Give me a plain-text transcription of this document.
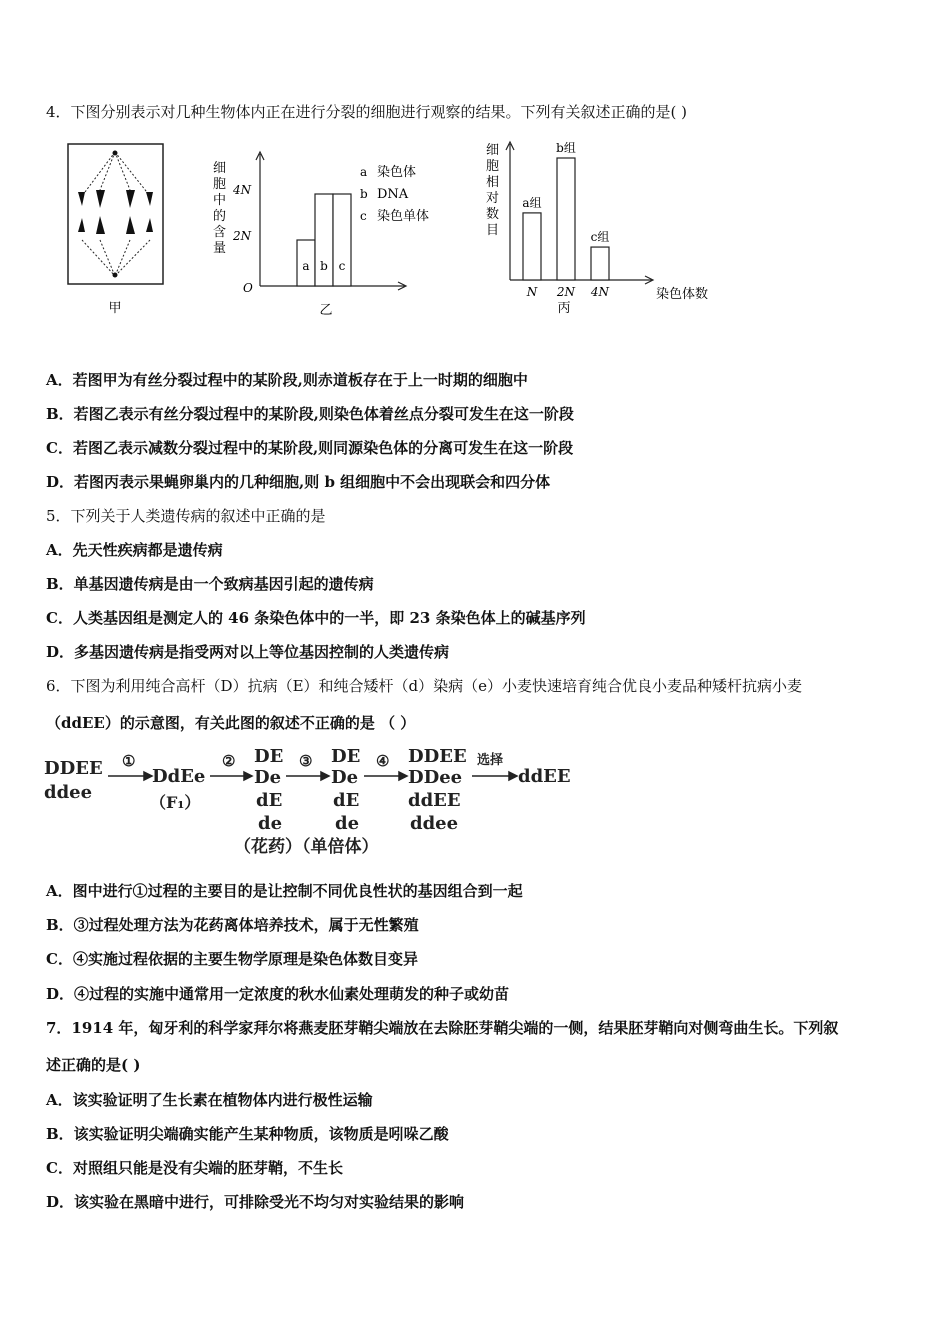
4．下图分别表示对几种生物体内正在进行分裂的细胞进行观察的结果。下列有关叙述正确的是( )
甲
细
胞
中
的
含
量
4N
2N
O
a b c
a 染色体
b DNA
c 染色单体
乙
细
胞
相
对
数
目
a组
N
b组
2N
c组
4N	染色体数
丙
A．若图甲为有丝分裂过程中的某阶段,则赤道板存在于上一时期的细胞中
B．若图乙表示有丝分裂过程中的某阶段,则染色体着丝点分裂可发生在这一阶段
C．若图乙表示减数分裂过程中的某阶段,则同源染色体的分离可发生在这一阶段
D．若图丙表示果蝇卵巢内的几种细胞,则 b 组细胞中不会出现联会和四分体
5．下列关于人类遗传病的叙述中正确的是
A．先天性疾病都是遗传病
B．单基因遗传病是由一个致病基因引起的遗传病
C．人类基因组是测定人的 46 条染色体中的一半，即 23 条染色体上的碱基序列
D．多基因遗传病是指受两对以上等位基因控制的人类遗传病
6．下图为利用纯合高杆（D）抗病（E）和纯合矮杆（d）染病（e）小麦快速培育纯合优良小麦品种矮杆抗病小麦
（ddEE）的示意图，有关此图的叙述不正确的是 （ ）
DDEE
ddee
①
DdEe
（F₁）
② DE
De
dE
de
③ DE
De
dE
de
④ DDEE
DDee
ddEE
ddee
选择
ddEE
（花药）（单倍体）
A．图中进行①过程的主要目的是让控制不同优良性状的基因组合到一起
B．③过程处理方法为花药离体培养技术，属于无性繁殖
C．④实施过程依据的主要生物学原理是染色体数目变异
D．④过程的实施中通常用一定浓度的秋水仙素处理萌发的种子或幼苗
7．1914 年，匈牙利的科学家拜尔将燕麦胚芽鞘尖端放在去除胚芽鞘尖端的一侧，结果胚芽鞘向对侧弯曲生长。下列叙
述正确的是( )
A．该实验证明了生长素在植物体内进行极性运输
B．该实验证明尖端确实能产生某种物质，该物质是吲哚乙酸
C．对照组只能是没有尖端的胚芽鞘，不生长
D．该实验在黑暗中进行，可排除受光不均匀对实验结果的影响
